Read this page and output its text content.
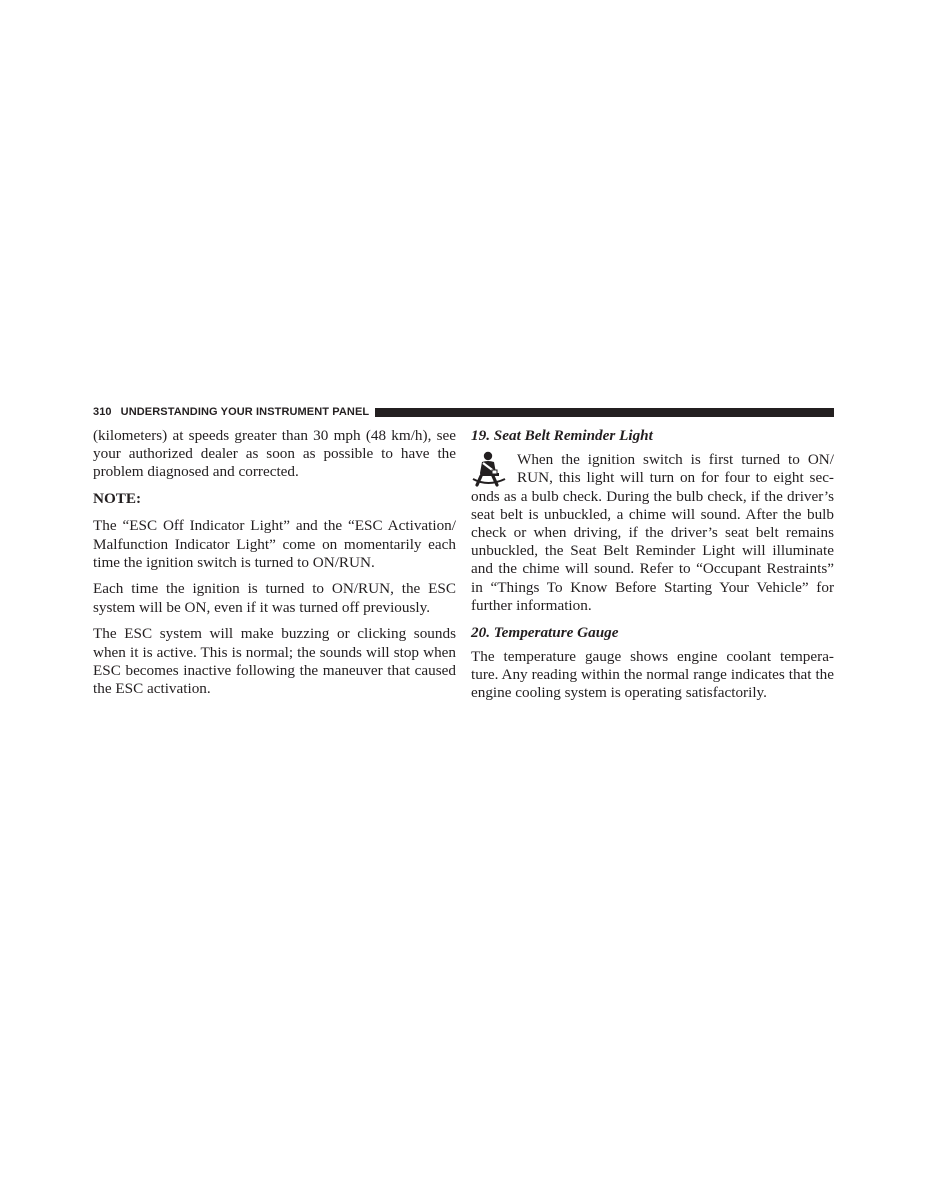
310 UNDERSTANDING YOUR INSTRUMENT PANEL

(kilometers) at speeds greater than 30 mph (48 km/h), see your authorized dealer as soon as possible to have the problem diagnosed and corrected.

NOTE:

The “ESC Off Indicator Light” and the “ESC Activation/ Malfunction Indicator Light” come on momentarily each time the ignition switch is turned to ON/RUN.

Each time the ignition is turned to ON/RUN, the ESC system will be ON, even if it was turned off previously.

The ESC system will make buzzing or clicking sounds when it is active. This is normal; the sounds will stop when ESC becomes inactive following the maneuver that caused the ESC activation.

19. Seat Belt Reminder Light

When the ignition switch is first turned to ON/ RUN, this light will turn on for four to eight sec- onds as a bulb check. During the bulb check, if the driver’s seat belt is unbuckled, a chime will sound. After the bulb check or when driving, if the driver’s seat belt remains unbuckled, the Seat Belt Reminder Light will illuminate and the chime will sound. Refer to “Occupant Restraints” in “Things To Know Before Starting Your Vehicle” for further information.

20. Temperature Gauge

The temperature gauge shows engine coolant tempera- ture. Any reading within the normal range indicates that the engine cooling system is operating satisfactorily.
